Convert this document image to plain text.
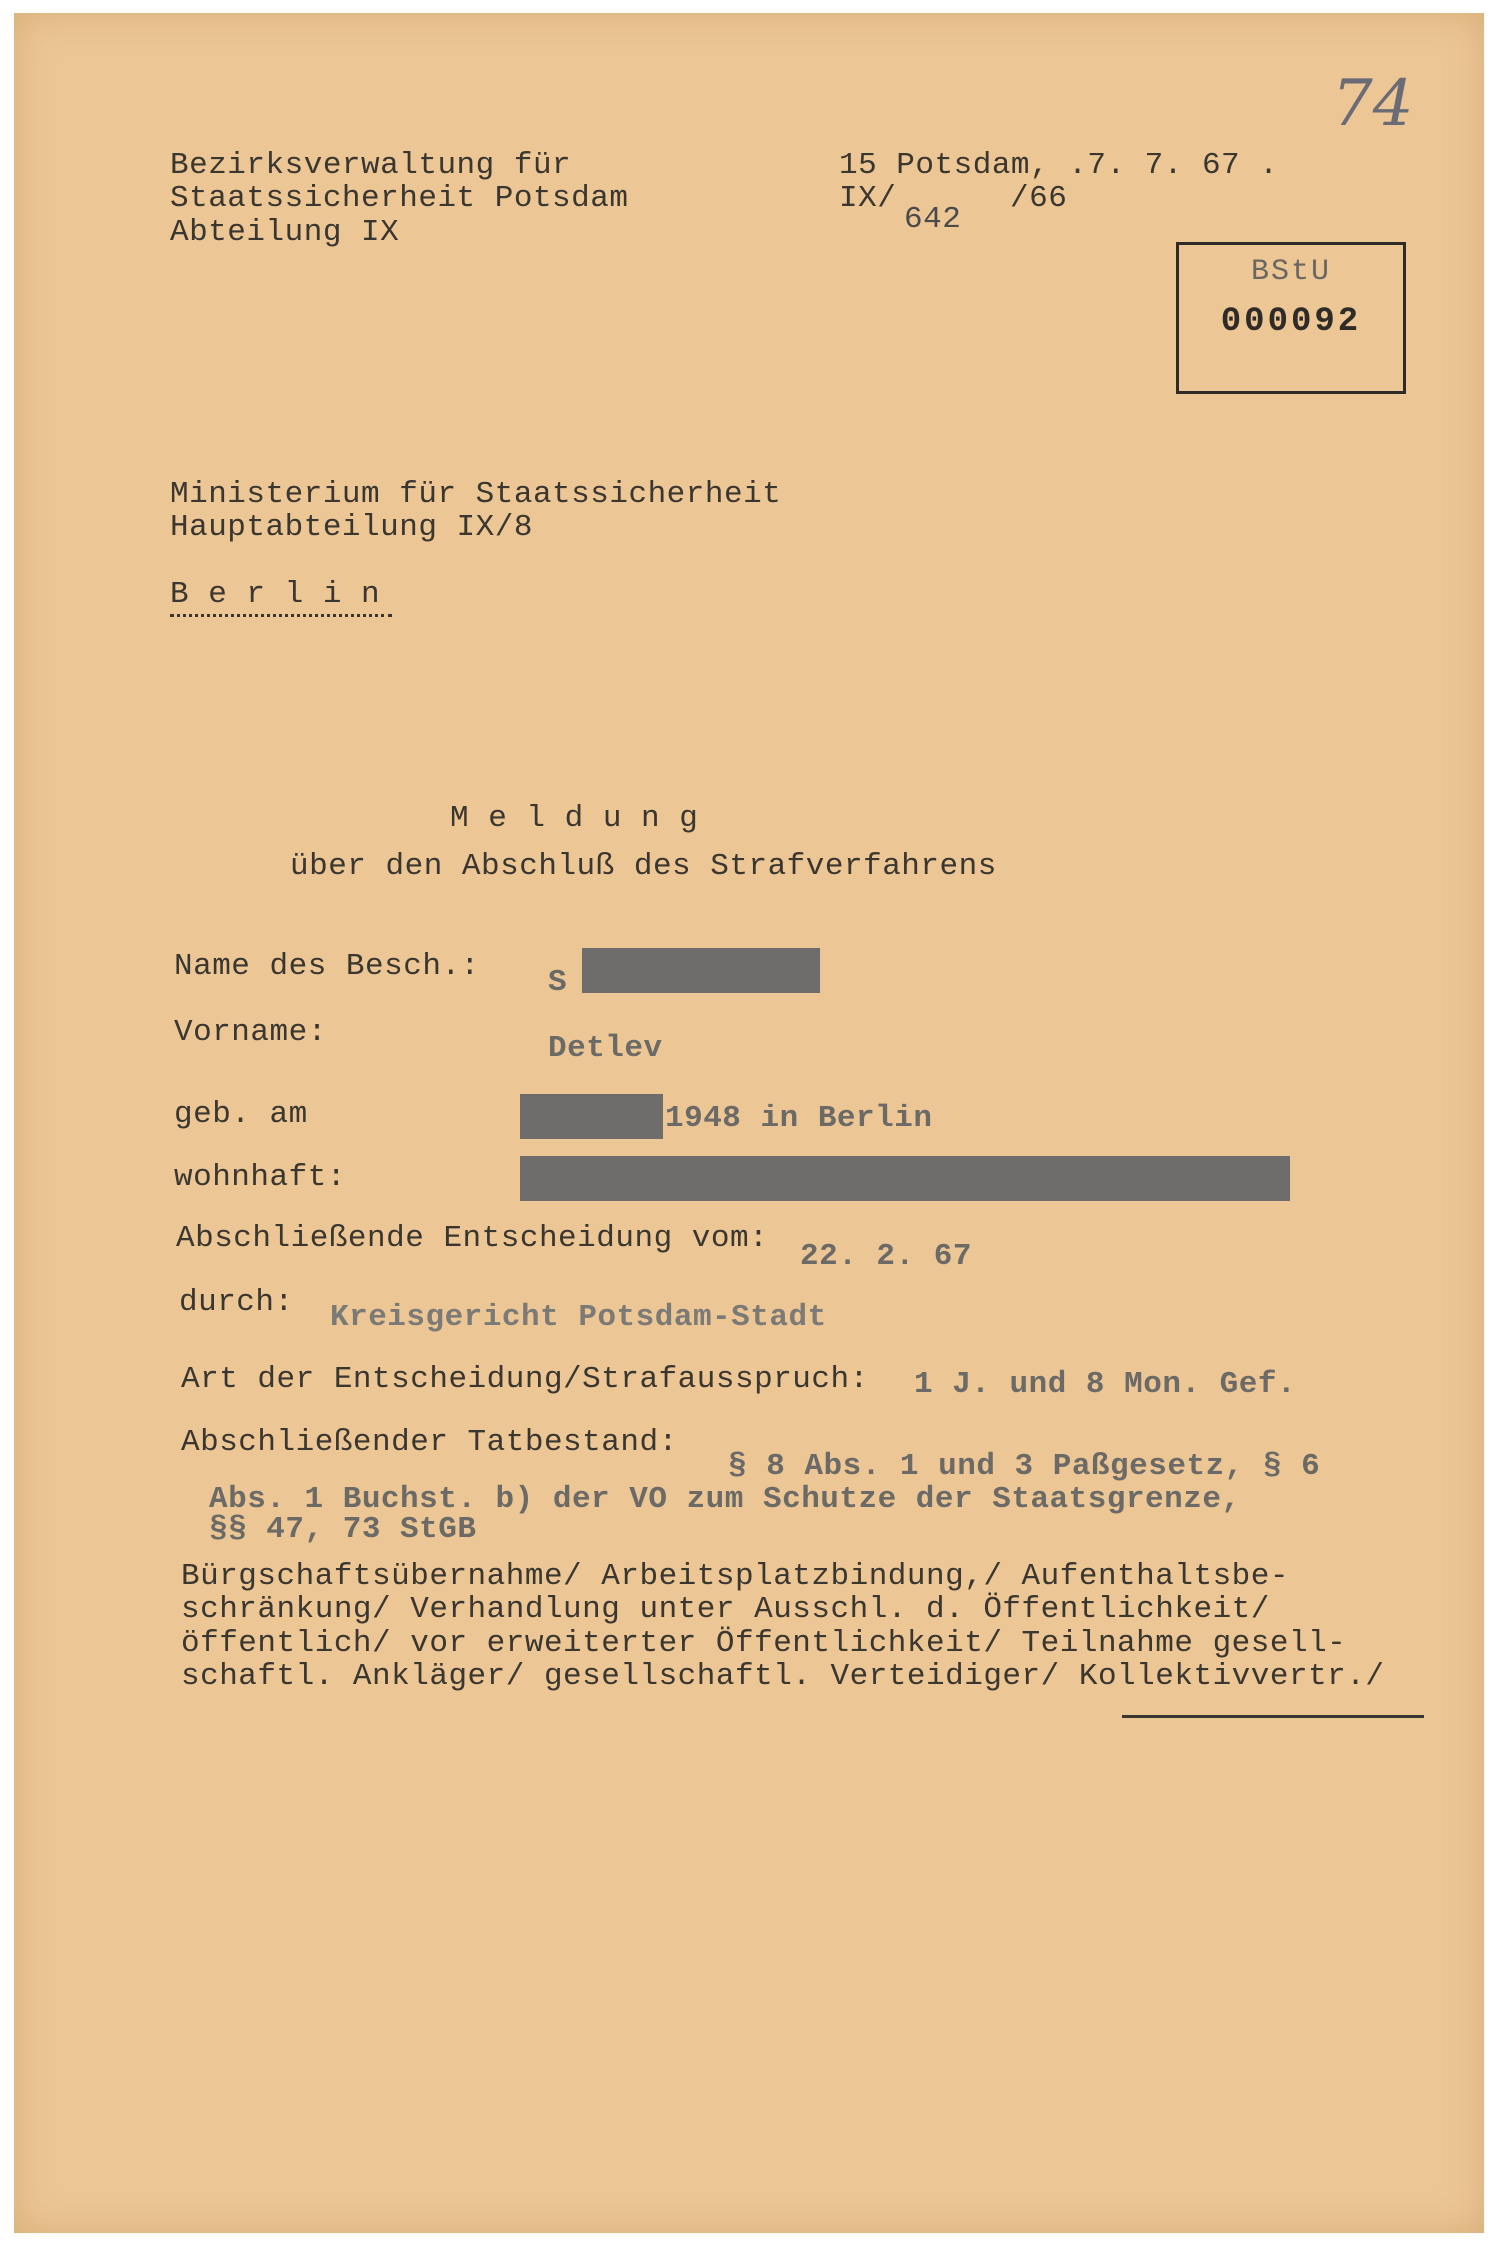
74
Bezirksverwaltung für
Staatssicherheit Potsdam
Abteilung IX
15 Potsdam, .7. 7. 67 .
IX/
642
/66
BStU
000092
Ministerium für Staatssicherheit
Hauptabteilung IX/8
B e r l i n
M e l d u n g
über den Abschluß des Strafverfahrens
Name des Besch.: S
Vorname:	Detlev
geb. am	1948 in Berlin
wohnhaft:
Abschließende Entscheidung vom:
22. 2. 67
durch: Kreisgericht Potsdam-Stadt
Art der Entscheidung/Strafausspruch: 1 J. und 8 Mon. Gef.
Abschließender Tatbestand:
§ 8 Abs. 1 und 3 Paßgesetz, § 6
Abs. 1 Buchst. b) der VO zum Schutze der Staatsgrenze,
§§ 47, 73 StGB
Bürgschaftsübernahme/ Arbeitsplatzbindung,/ Aufenthaltsbe-
schränkung/ Verhandlung unter Ausschl. d. Öffentlichkeit/
öffentlich/ vor erweiterter Öffentlichkeit/ Teilnahme gesell-
schaftl. Ankläger/ gesellschaftl. Verteidiger/ Kollektivvertr./
